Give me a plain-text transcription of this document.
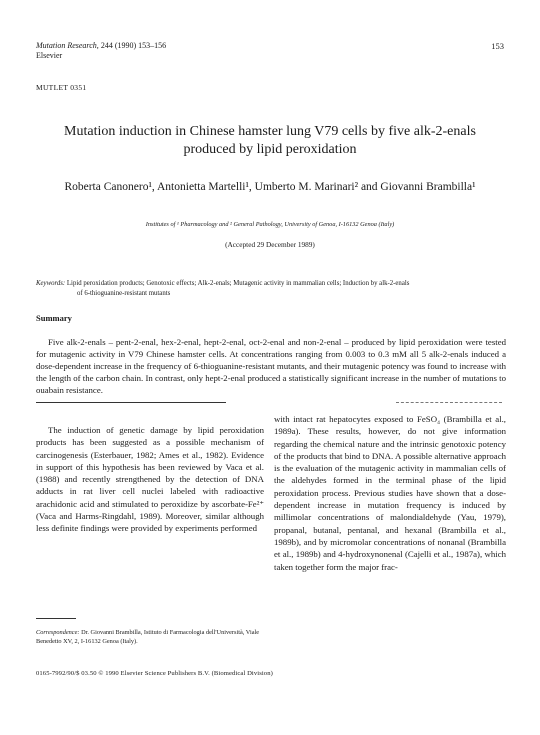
Mutation Research, 244 (1990) 153–156
Elsevier
153
MUTLET 0351
Mutation induction in Chinese hamster lung V79 cells by five alk-2-enals produced by lipid peroxidation
Roberta Canonero¹, Antonietta Martelli¹, Umberto M. Marinari² and Giovanni Brambilla¹
Institutes of ¹ Pharmacology and ² General Pathology, University of Genoa, I-16132 Genoa (Italy)
(Accepted 29 December 1989)
Keywords: Lipid peroxidation products; Genotoxic effects; Alk-2-enals; Mutagenic activity in mammalian cells; Induction by alk-2-enals
of 6-thioguanine-resistant mutants
Summary

Five alk-2-enals – pent-2-enal, hex-2-enal, hept-2-enal, oct-2-enal and non-2-enal – produced by lipid peroxidation were tested for mutagenic activity in V79 Chinese hamster cells. At concentrations ranging from 0.003 to 0.3 mM all 5 alk-2-enals induced a dose-dependent increase in the frequency of 6-thioguanine-resistant mutants, and their mutagenic potency was found to increase with the length of the carbon chain. In contrast, only hept-2-enal produced a statistically significant increase in the number of mutations to ouabain resistance.

The induction of genetic damage by lipid peroxidation products has been suggested as a possible mechanism of carcinogenesis (Esterbauer, 1982; Ames et al., 1982). Evidence in support of this hypothesis has been reviewed by Vaca et al. (1988) and recently strengthened by the detection of DNA adducts in rat liver cell nuclei labeled with radioactive arachidonic acid and stimulated to peroxidize by ascorbate-Fe²⁺ (Vaca and Harms-Ringdahl, 1989). Moreover, similar although less definite findings were provided by experiments performed

with intact rat hepatocytes exposed to FeSO₄ (Brambilla et al., 1989a). These results, however, do not give information regarding the chemical nature and the intrinsic genotoxic potency of the products that bind to DNA. A possible alternative approach is the evaluation of the mutagenic activity in mammalian cells of the aldehydes formed in the terminal phase of the lipid peroxidation process. Previous studies have shown that a dose-dependent increase in mutation frequency is induced by millimolar concentrations of malondialdehyde (Yau, 1979), propanal, butanal, pentanal, and hexanal (Brambilla et al., 1989b), and by micromolar concentrations of nonanal (Brambilla et al., 1989b) and 4-hydroxynonenal (Cajelli et al., 1987a), which taken together form the major frac-

Correspondence: Dr. Giovanni Brambilla, Istituto di Farmacologia dell'Università, Viale Benedetto XV, 2, I-16132 Genoa (Italy).
0165-7992/90/$ 03.50 © 1990 Elsevier Science Publishers B.V. (Biomedical Division)
